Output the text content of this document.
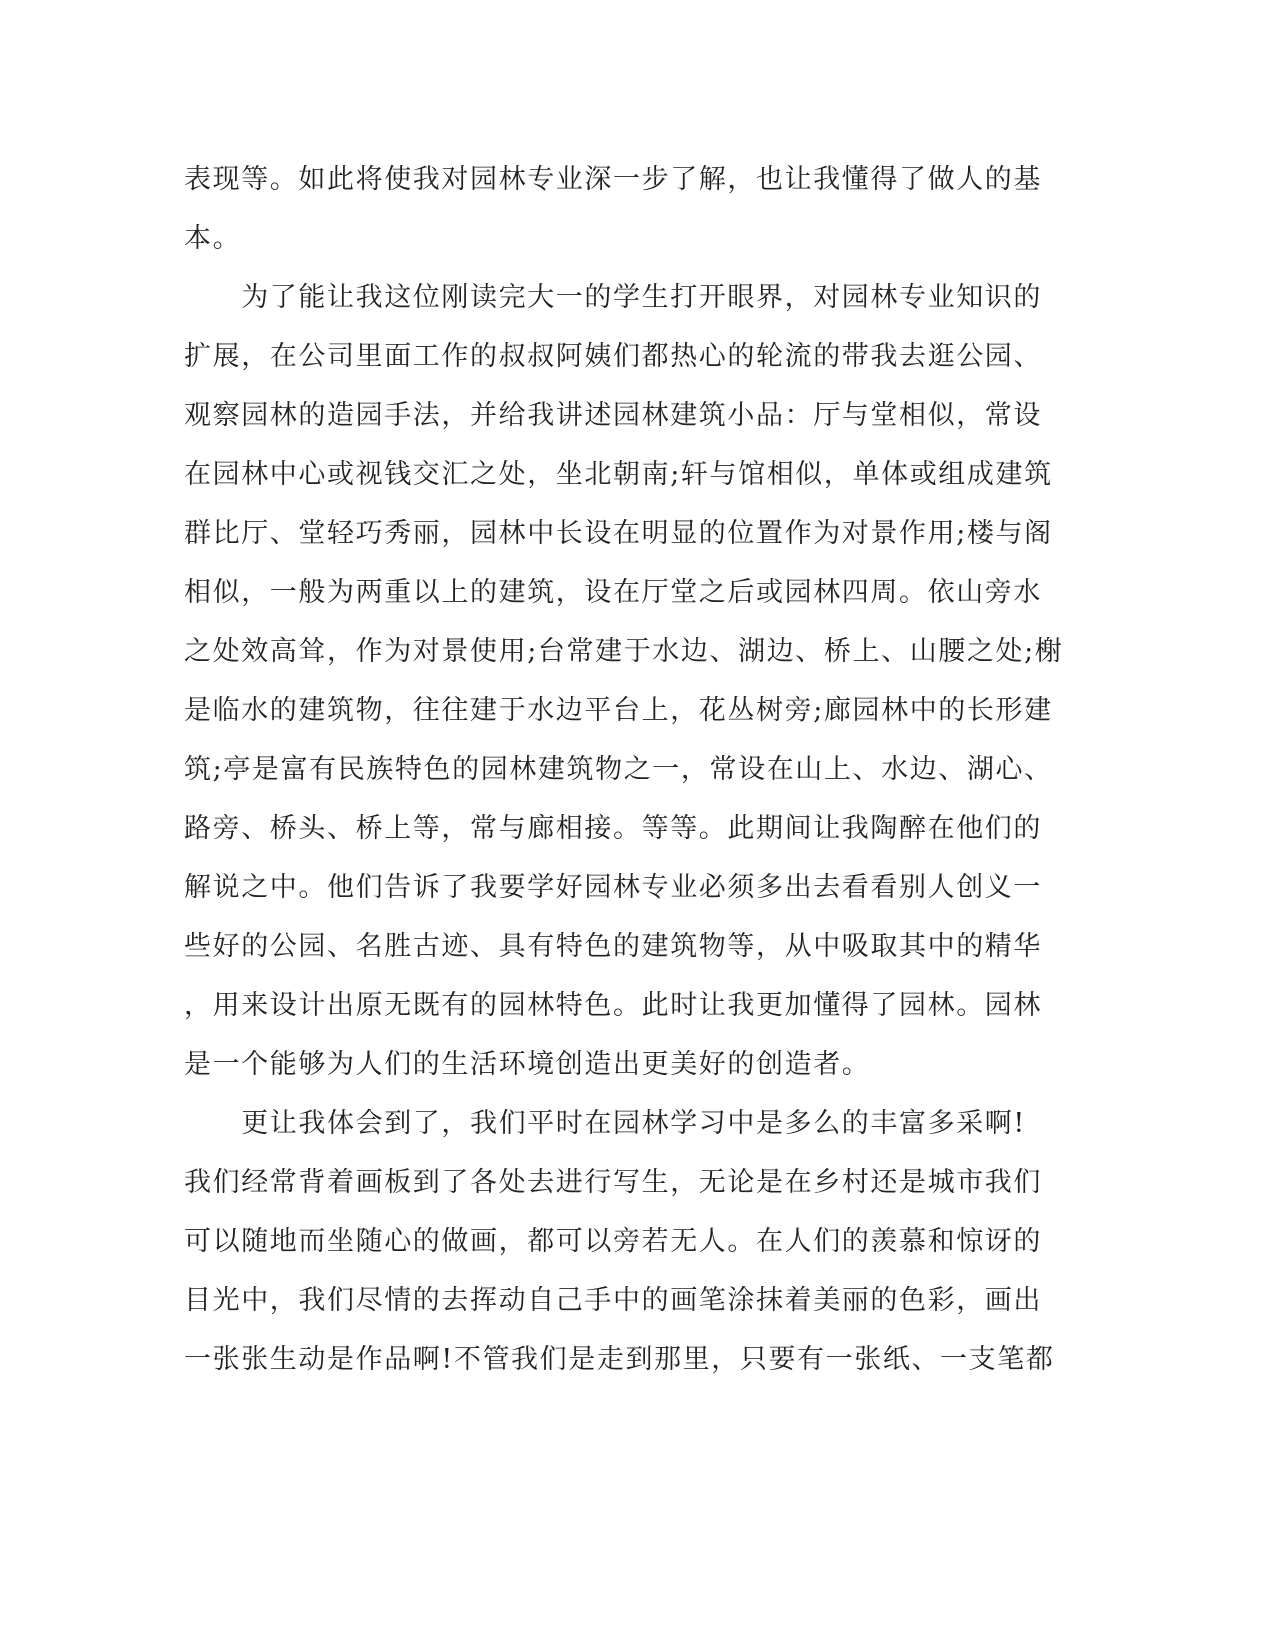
表现等。如此将使我对园林专业深一步了解，也让我懂得了做人的基
本。
　　为了能让我这位刚读完大一的学生打开眼界，对园林专业知识的
扩展，在公司里面工作的叔叔阿姨们都热心的轮流的带我去逛公园、
观察园林的造园手法，并给我讲述园林建筑小品：厅与堂相似，常设
在园林中心或视钱交汇之处，坐北朝南;轩与馆相似，单体或组成建筑
群比厅、堂轻巧秀丽，园林中长设在明显的位置作为对景作用;楼与阁
相似，一般为两重以上的建筑，设在厅堂之后或园林四周。依山旁水
之处效高耸，作为对景使用;台常建于水边、湖边、桥上、山腰之处;榭
是临水的建筑物，往往建于水边平台上，花丛树旁;廊园林中的长形建
筑;亭是富有民族特色的园林建筑物之一，常设在山上、水边、湖心、
路旁、桥头、桥上等，常与廊相接。等等。此期间让我陶醉在他们的
解说之中。他们告诉了我要学好园林专业必须多出去看看别人创义一
些好的公园、名胜古迹、具有特色的建筑物等，从中吸取其中的精华
，用来设计出原无既有的园林特色。此时让我更加懂得了园林。园林
是一个能够为人们的生活环境创造出更美好的创造者。
　　更让我体会到了，我们平时在园林学习中是多么的丰富多采啊!
我们经常背着画板到了各处去进行写生，无论是在乡村还是城市我们
可以随地而坐随心的做画，都可以旁若无人。在人们的羡慕和惊讶的
目光中，我们尽情的去挥动自己手中的画笔涂抹着美丽的色彩，画出
一张张生动是作品啊!不管我们是走到那里，只要有一张纸、一支笔都
